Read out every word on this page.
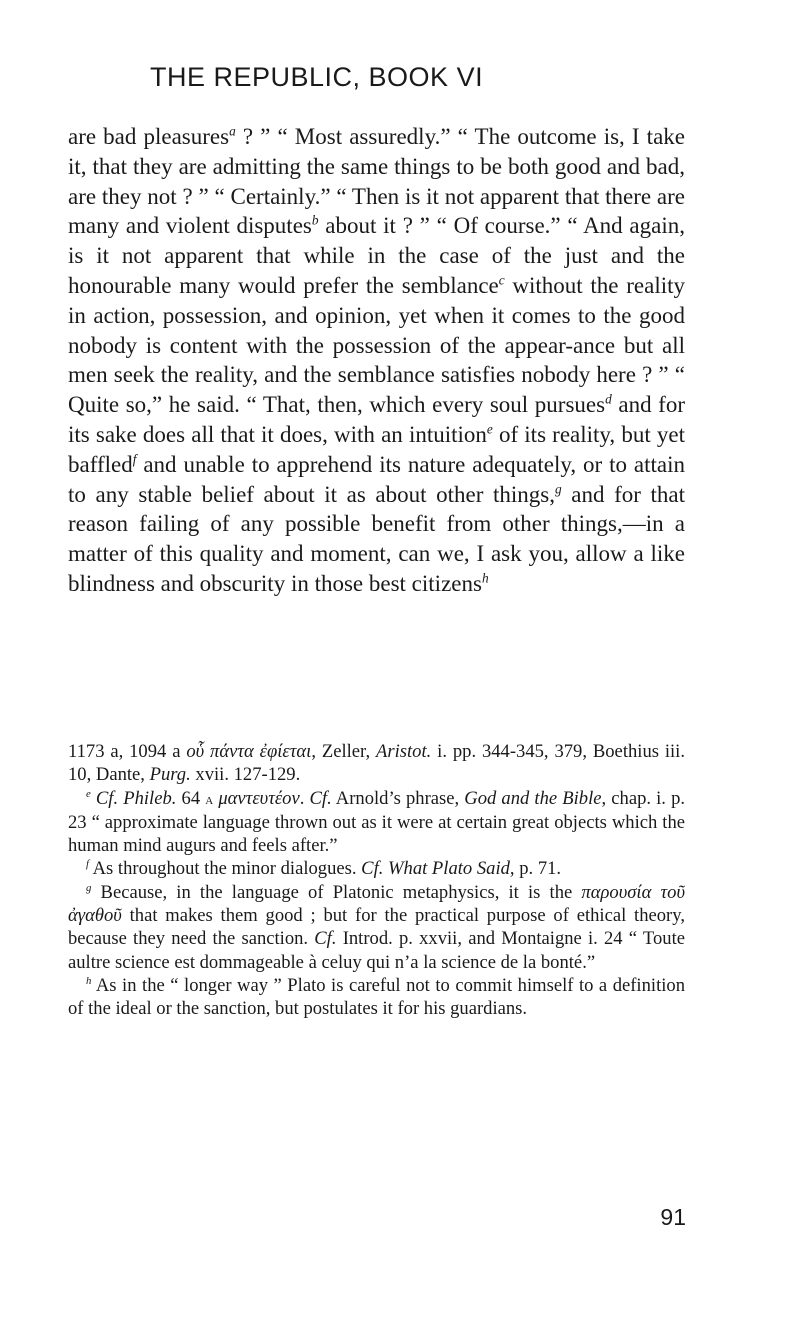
THE REPUBLIC, BOOK VI

are bad pleasures$^a$ ? ” “ Most assuredly.” “ The outcome is, I take it, that they are admitting the same things to be both good and bad, are they not ? ” “ Certainly.” “ Then is it not apparent that there are many and violent disputes$^b$ about it ? ” “ Of course.” “ And again, is it not apparent that while in the case of the just and the honourable many would prefer the semblance$^c$ without the reality in action, possession, and opinion, yet when it comes to the good nobody is content with the possession of the appear-ance but all men seek the reality, and the semblance satisfies nobody here ? ” “ Quite so,” he said. “ That, then, which every soul pursues$^d$ and for its sake does all that it does, with an intuition$^e$ of its reality, but yet baffled$^f$ and unable to apprehend its nature adequately, or to attain to any stable belief about it as about other things,$^g$ and for that reason failing of any possible benefit from other things,—in a matter of this quality and moment, can we, I ask you, allow a like blindness and obscurity in those best citizens$^h$

1173 a, 1094 a οὗ πάντα ἐφίεται, Zeller, Aristot. i. pp. 344-345, 379, Boethius iii. 10, Dante, Purg. xvii. 127-129.

$^e$ Cf. Phileb. 64 a μαντευτέον. Cf. Arnold’s phrase, God and the Bible, chap. i. p. 23 “ approximate language thrown out as it were at certain great objects which the human mind augurs and feels after.”

$^f$ As throughout the minor dialogues. Cf. What Plato Said, p. 71.

$^g$ Because, in the language of Platonic metaphysics, it is the παρουσία τοῦ ἀγαθοῦ that makes them good ; but for the practical purpose of ethical theory, because they need the sanction. Cf. Introd. p. xxvii, and Montaigne i. 24 “ Toute aultre science est dommageable à celuy qui n’a la science de la bonté.”

$^h$ As in the “ longer way ” Plato is careful not to commit himself to a definition of the ideal or the sanction, but postulates it for his guardians.

91
